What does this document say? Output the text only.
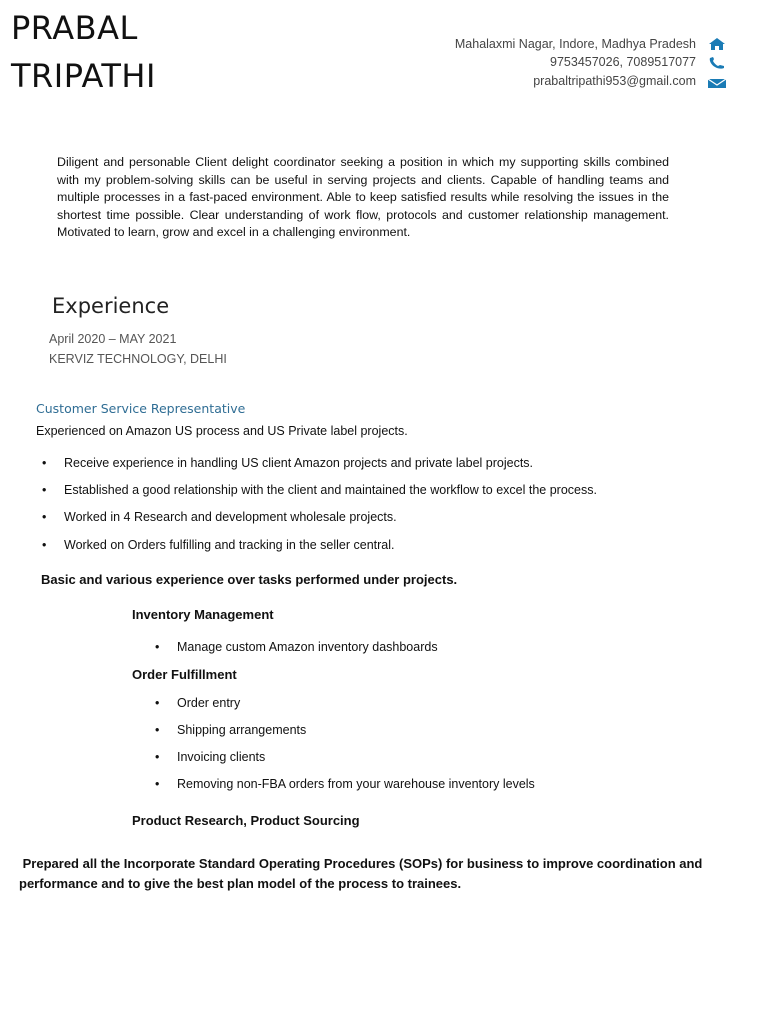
PRABAL
TRIPATHI
Mahalaxmi Nagar, Indore, Madhya Pradesh
9753457026, 7089517077
prabaltripathi953@gmail.com
Diligent and personable Client delight coordinator seeking a position in which my supporting skills combined with my problem-solving skills can be useful in serving projects and clients. Capable of handling teams and multiple processes in a fast-paced environment. Able to keep satisfied results while resolving the issues in the shortest time possible. Clear understanding of work flow, protocols and customer relationship management. Motivated to learn, grow and excel in a challenging environment.
Experience
April 2020 – MAY 2021
KERVIZ TECHNOLOGY, DELHI
Customer Service Representative
Experienced on Amazon US process and US Private label projects.
• Receive experience in handling US client Amazon projects and private label projects.
• Established a good relationship with the client and maintained the workflow to excel the process.
• Worked in 4 Research and development wholesale projects.
• Worked on Orders fulfilling and tracking in the seller central.
Basic and various experience over tasks performed under projects.
Inventory Management
• Manage custom Amazon inventory dashboards
Order Fulfillment
• Order entry
• Shipping arrangements
• Invoicing clients
• Removing non-FBA orders from your warehouse inventory levels
Product Research, Product Sourcing
Prepared all the Incorporate Standard Operating Procedures (SOPs) for business to improve coordination and performance and to give the best plan model of the process to trainees.
